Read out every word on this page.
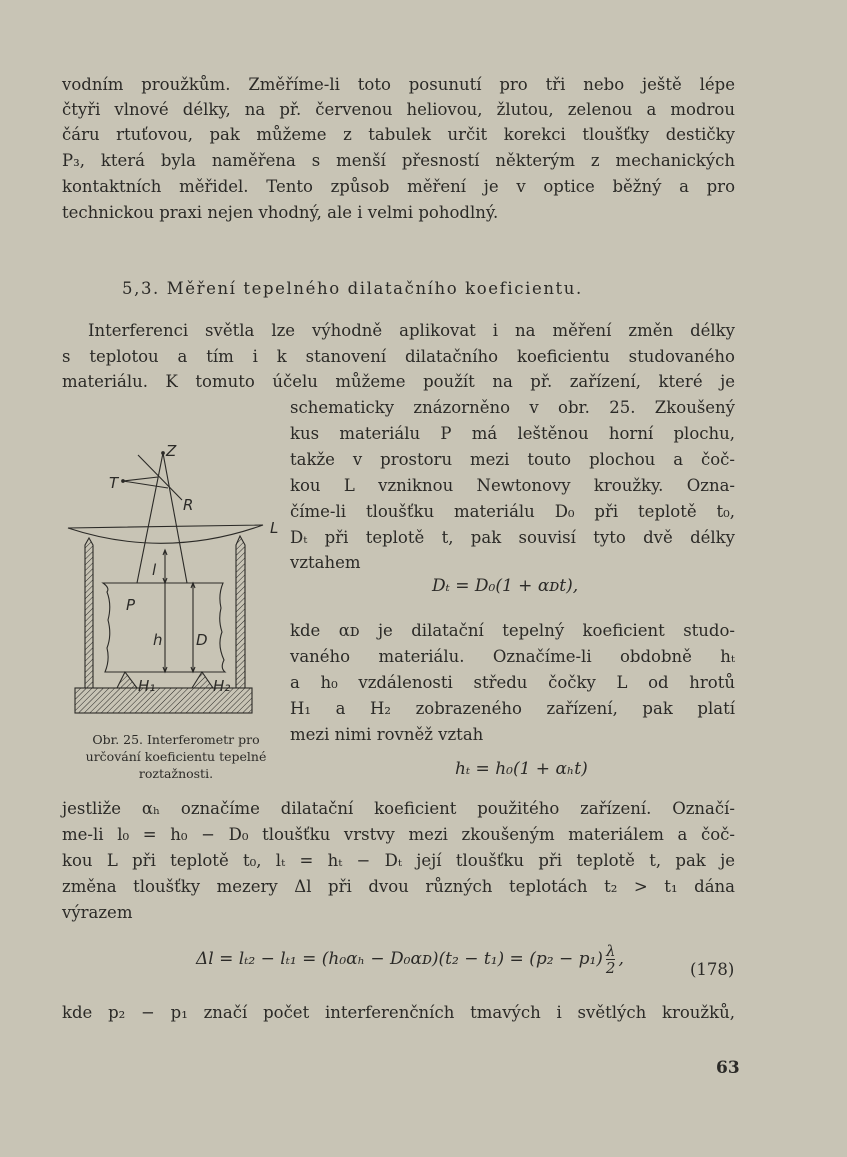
vodním proužkům. Změříme-li toto posunutí pro tři nebo ještě lépe
čtyři vlnové délky, na př. červenou heliovou, žlutou, zelenou a modrou
čáru rtuťovou, pak můžeme z tabulek určit korekci tloušťky destičky
P₃, která byla naměřena s menší přesností některým z mechanických
kontaktních měřidel. Tento způsob měření je v optice běžný a pro
technickou praxi nejen vhodný, ale i velmi pohodlný.
5,3. Měření tepelného dilatačního koeficientu.
Interferenci světla lze výhodně aplikovat i na měření změn délky
s teplotou a tím i k stanovení dilatačního koeficientu studovaného
materiálu. K tomuto účelu můžeme použít na př. zařízení, které je
schematicky znázorněno v obr. 25. Zkoušený
kus materiálu P má leštěnou horní plochu,
takže v prostoru mezi touto plochou a čoč-
kou L vzniknou Newtonovy kroužky. Ozna-
číme-li tloušťku materiálu D₀ při teplotě t₀,
Dₜ při teplotě t, pak souvisí tyto dvě délky
vztahem
Dₜ = D₀(1 + αᴅt),
kde αᴅ je dilatační tepelný koeficient studo-
vaného materiálu. Označíme-li obdobně hₜ
a h₀ vzdálenosti středu čočky L od hrotů
H₁ a H₂ zobrazeného zařízení, pak platí
mezi nimi rovněž vztah
hₜ = h₀(1 + αₕt)
Z
T
R
L
l
P
h D
H₁	H₂
Obr. 25. Interferometr pro
určování koeficientu tepelné
roztažnosti.
jestliže αₕ označíme dilatační koeficient použitého zařízení. Označí-
me-li l₀ = h₀ − D₀ tloušťku vrstvy mezi zkoušeným materiálem a čoč-
kou L při teplotě t₀, lₜ = hₜ − Dₜ její tloušťku při teplotě t, pak je
změna tloušťky mezery Δl při dvou různých teplotách t₂ > t₁ dána
výrazem
Δl = lₜ₂ − lₜ₁ = (h₀αₕ − D₀αᴅ)(t₂ − $t_1) = (p_2 - p_1) \frac{\lambda}{2}$ ,
(178)
kde p₂ − p₁ značí počet interferenčních tmavých i světlých kroužků,
63
